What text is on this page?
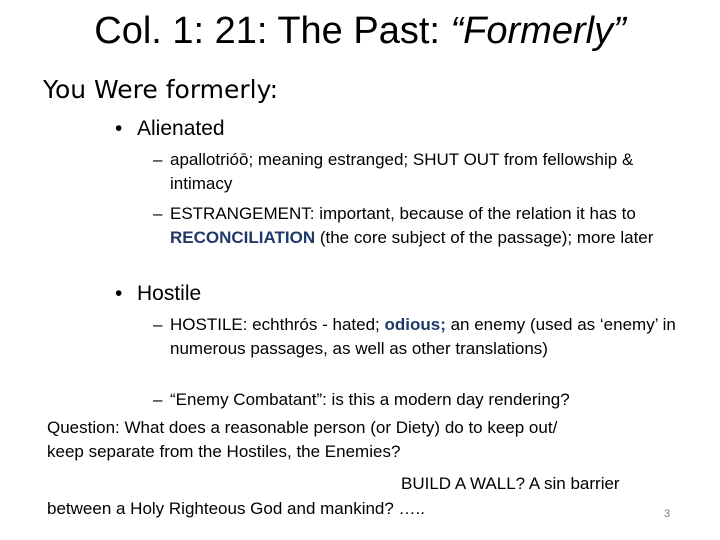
Col. 1: 21: The Past: “Formerly”
You Were formerly:
• Alienated
– apallotrióō; meaning estranged; SHUT OUT from fellowship & intimacy
– ESTRANGEMENT: important, because of the relation it has to RECONCILIATION (the core subject of the passage); more later
• Hostile
– HOSTILE: echthrós - hated; odious; an enemy (used as ‘enemy’ in numerous passages, as well as other translations)
– “Enemy Combatant”: is this a modern day rendering?
Question: What does a reasonable person (or Diety) do to keep out/
keep separate from the Hostiles, the Enemies?
BUILD A WALL? A sin barrier
between a Holy Righteous God and mankind? …..	3
